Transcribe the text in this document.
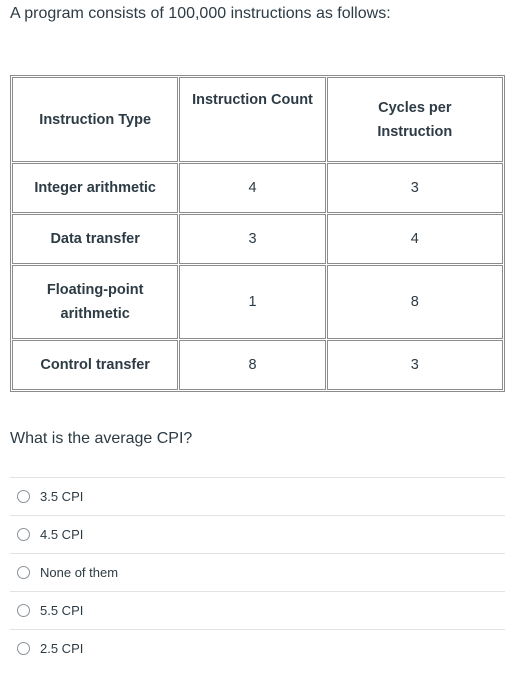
A program consists of 100,000 instructions as follows:
Instruction Type	Instruction Count	Cycles per
Instruction

Integer arithmetic	4	3
Data transfer	3	4

Floating-point
arithmetic	1	8
Control transfer	8	3
What is the average CPI?
3.5 CPI
4.5 CPI
None of them
5.5 CPI
2.5 CPI
